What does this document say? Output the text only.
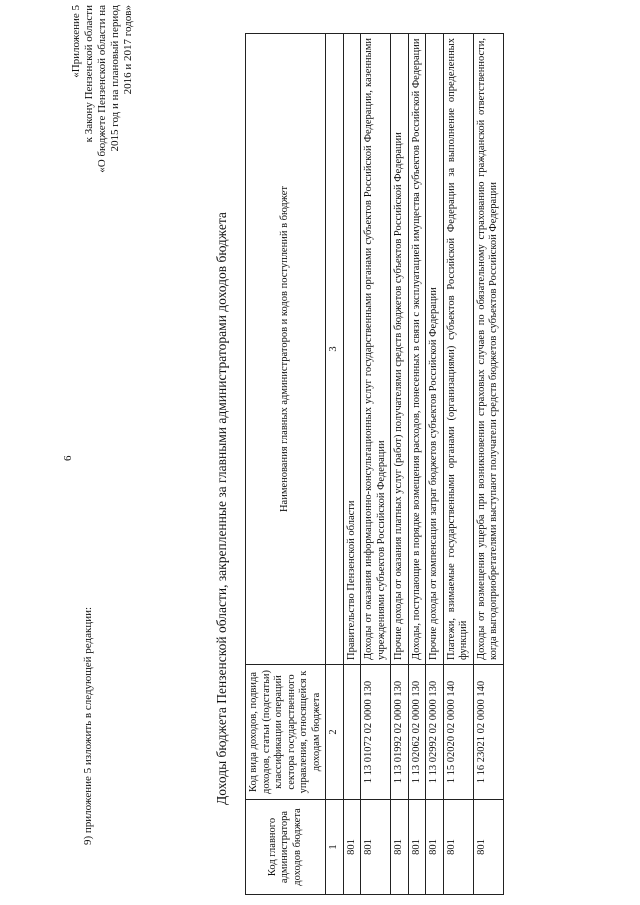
6
«Приложение 5 к Закону Пензенской области «О бюджете Пензенской области на 2015 год и на плановый период 2016 и 2017 годов»
9) приложение 5 изложить в следующей редакции:	Доходы бюджета Пензенской области, закрепленные за главными администраторами доходов бюджета
Код главного администратора доходов бюджета	Код вида доходов, подвида доходов, статьи (подстатьи) классификации операций сектора государственного управления, относящейся к доходам бюджета	Наименования главных администраторов и кодов поступлений в бюджет
1	2	3
801		Правительство Пензенской области
801	1 13 01072 02 0000 130	Доходы от оказания информационно-консультационных услуг государственными органами субъектов Российской Федерации, казенными учреждениями субъектов Российской Федерации
801	1 13 01992 02 0000 130	Прочие доходы от оказания платных услуг (работ) получателями средств бюджетов субъектов Российской Федерации
801	1 13 02062 02 0000 130	Доходы, поступающие в порядке возмещения расходов, понесенных в связи с эксплуатацией имущества субъектов Российской Федерации
801	1 13 02992 02 0000 130	Прочие доходы от компенсации затрат бюджетов субъектов Российской Федерации
801	1 15 02020 02 0000 140	Платежи, взимаемые государственными органами (организациями) субъектов Российской Федерации за выполнение определенных функций
801	1 16 23021 02 0000 140	Доходы от возмещения ущерба при возникновении страховых случаев по обязательному страхованию гражданской ответственности, когда выгодоприобретателями выступают получатели средств бюджетов субъектов Российской Федерации
